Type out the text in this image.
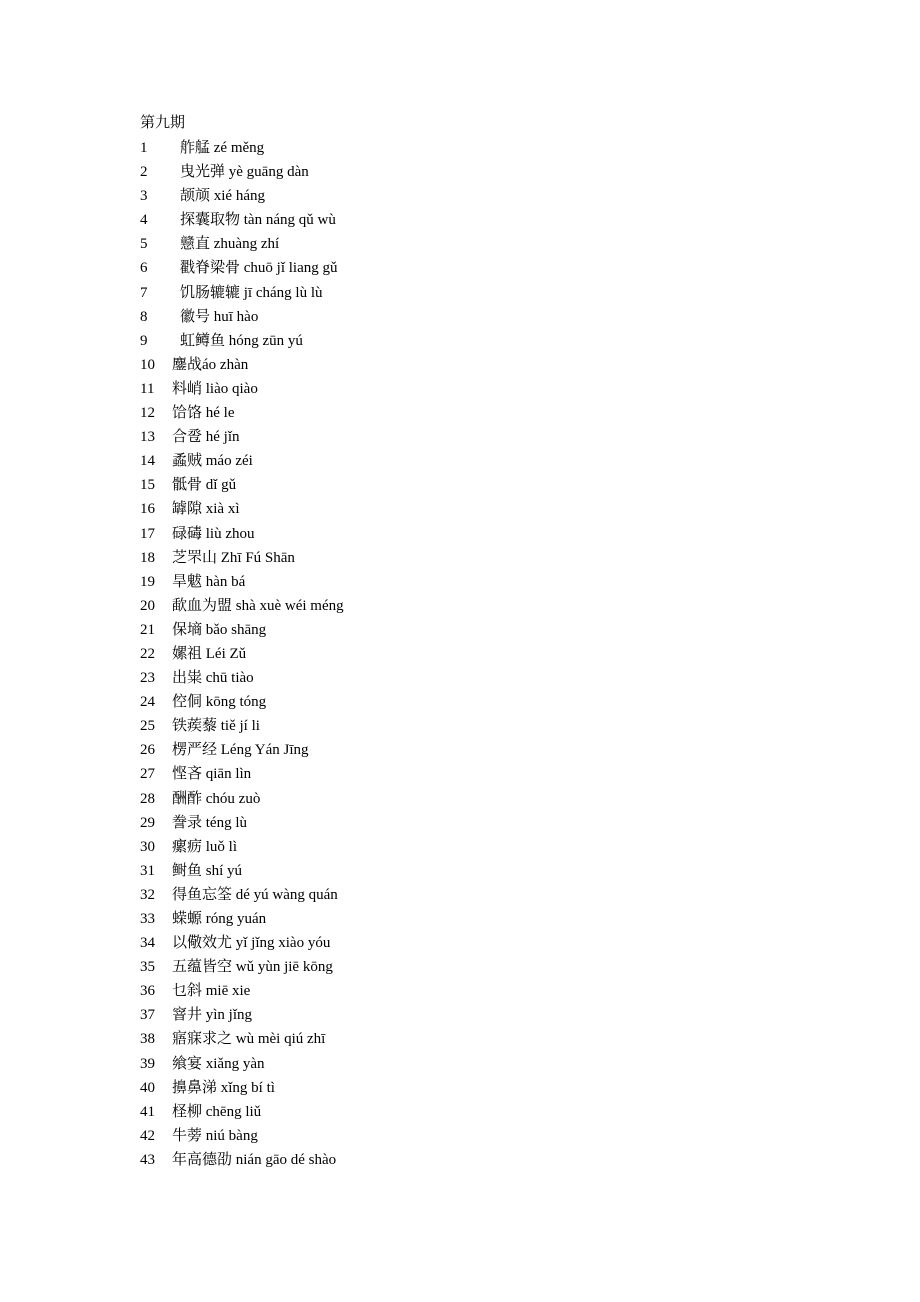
第九期
1 舴艋 zé měng
2 曳光弹 yè guāng dàn
3 颉颃 xié háng
4 探囊取物 tàn náng qǔ wù
5 戆直 zhuàng zhí
6 戳脊梁骨 chuō jǐ liang gǔ
7 饥肠辘辘 jī cháng lù lù
8 徽号 huī hào
9 虹鳟鱼 hóng zūn yú
10 鏖战áo zhàn
11 料峭 liào qiào
12 饸饹 hé le
13 合卺 hé jǐn
14 蟊贼 máo zéi
15 骶骨 dǐ gǔ
16 罅隙 xià xì
17 碌碡 liù zhou
18 芝罘山 Zhī Fú Shān
19 旱魃 hàn bá
20 歃血为盟 shà xuè wéi méng
21 保墒 bǎo shāng
22 嫘祖 Léi Zǔ
23 出粜 chū tiào
24 倥侗 kōng tóng
25 铁蒺藜 tiě jí li
26 楞严经 Léng Yán Jīng
27 悭吝 qiān lìn
28 酬酢 chóu zuò
29 誊录 téng lù
30 瘰疬 luǒ lì
31 鲥鱼 shí yú
32 得鱼忘筌 dé yú wàng quán
33 蝾螈 róng yuán
34 以儆效尤 yǐ jǐng xiào yóu
35 五蕴皆空 wǔ yùn jiē kōng
36 乜斜 miē xie
37 窨井 yìn jǐng
38 寤寐求之 wù mèi qiú zhī
39 飨宴 xiǎng yàn
40 擤鼻涕 xǐng bí tì
41 柽柳 chēng liǔ
42 牛蒡 niú bàng
43 年高德劭 nián gāo dé shào
